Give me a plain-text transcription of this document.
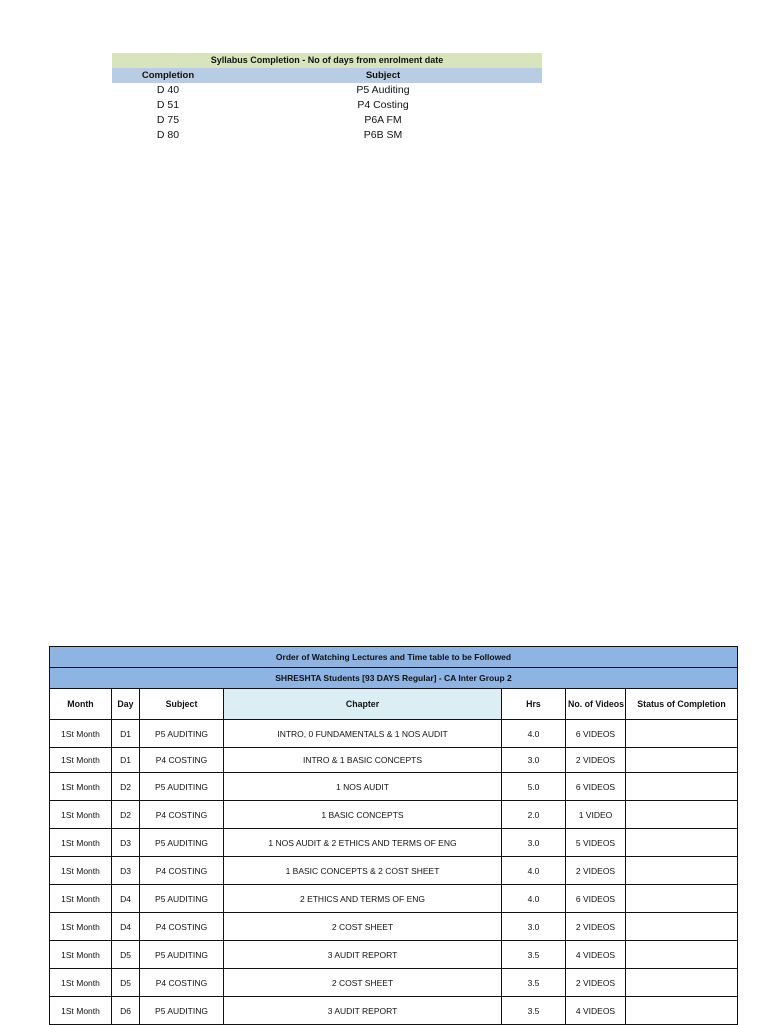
Syllabus Completion - No of days from enrolment date
Completion	Subject
D 40	P5 Auditing
D 51	P4 Costing
D 75	P6A FM
D 80	P6B SM
Order of Watching Lectures and Time table to be Followed						
SHRESHTA Students [93 DAYS Regular] - CA Inter Group 2						
Month	Day	Subject	Chapter	Hrs	No. of Videos	Status of Completion
1St Month	D1	P5 AUDITING	INTRO, 0 FUNDAMENTALS & 1 NOS AUDIT	4.0	6 VIDEOS	
1St Month	D1	P4 COSTING	INTRO & 1 BASIC CONCEPTS	3.0	2 VIDEOS	
1St Month	D2	P5 AUDITING	1 NOS AUDIT	5.0	6 VIDEOS	
1St Month	D2	P4 COSTING	1 BASIC CONCEPTS	2.0	1 VIDEO	
1St Month	D3	P5 AUDITING	1 NOS AUDIT & 2 ETHICS AND TERMS OF ENG	3.0	5 VIDEOS	
1St Month	D3	P4 COSTING	1 BASIC CONCEPTS & 2 COST SHEET	4.0	2 VIDEOS	
1St Month	D4	P5 AUDITING	2 ETHICS AND TERMS OF ENG	4.0	6 VIDEOS	
1St Month	D4	P4 COSTING	2 COST SHEET	3.0	2 VIDEOS	
1St Month	D5	P5 AUDITING	3 AUDIT REPORT	3.5	4 VIDEOS	
1St Month	D5	P4 COSTING	2 COST SHEET	3.5	2 VIDEOS	
1St Month	D6	P5 AUDITING	3 AUDIT REPORT	3.5	4 VIDEOS	
